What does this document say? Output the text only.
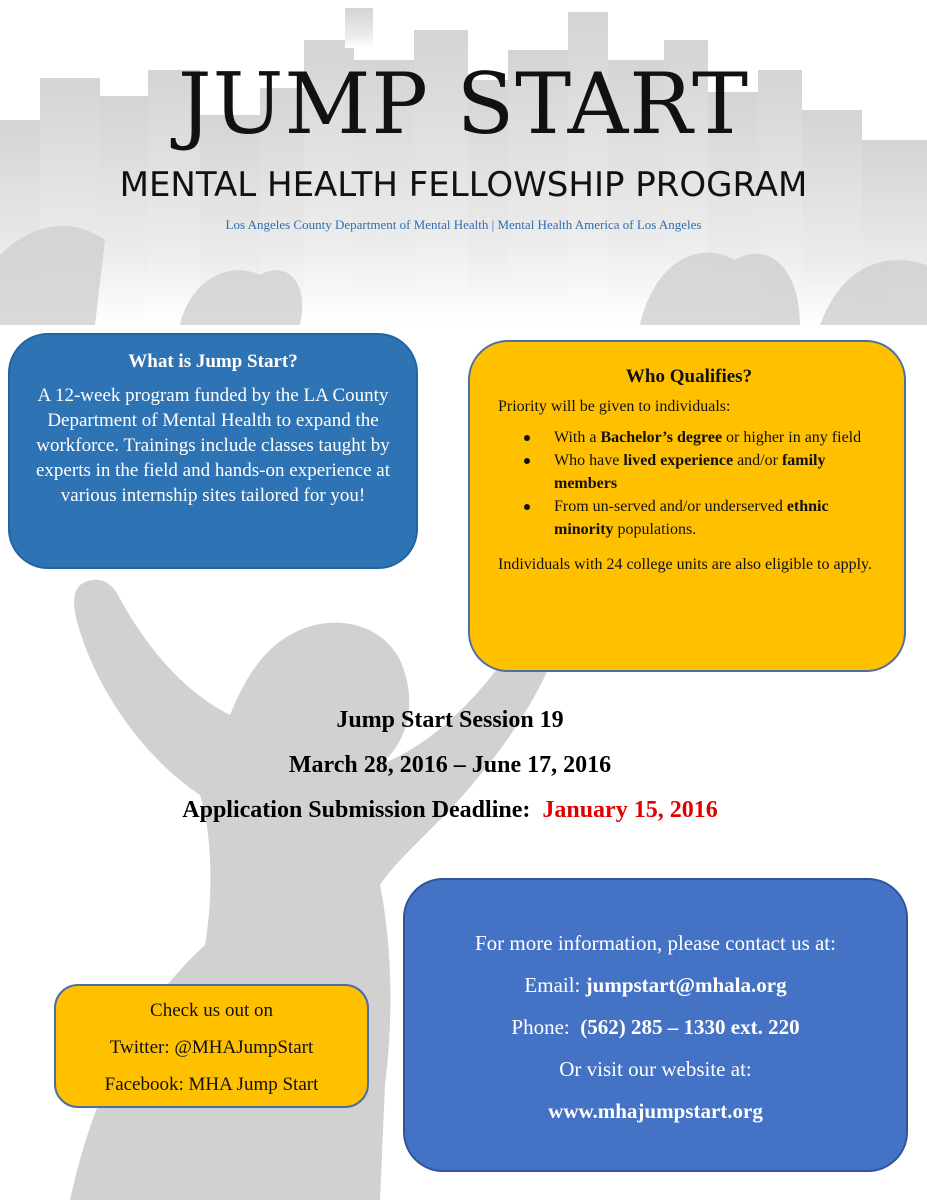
JUMP START
MENTAL HEALTH FELLOWSHIP PROGRAM
Los Angeles County Department of Mental Health | Mental Health America of Los Angeles
What is Jump Start?

A 12-week program funded by the LA County Department of Mental Health to expand the workforce. Trainings include classes taught by experts in the field and hands-on experience at various internship sites tailored for you!

Who Qualifies?

Priority will be given to individuals:

With a Bachelor’s degree or higher in any field
Who have lived experience and/or family members
From un-served and/or underserved ethnic minority populations.

Individuals with 24 college units are also eligible to apply.

Jump Start Session 19
March 28, 2016 – June 17, 2016
Application Submission Deadline: January 15, 2016
For more information, please contact us at:
Email: jumpstart@mhala.org
Phone: (562) 285 – 1330 ext. 220
Or visit our website at:
www.mhajumpstart.org
Check us out on
Twitter: @MHAJumpStart
Facebook: MHA Jump Start
